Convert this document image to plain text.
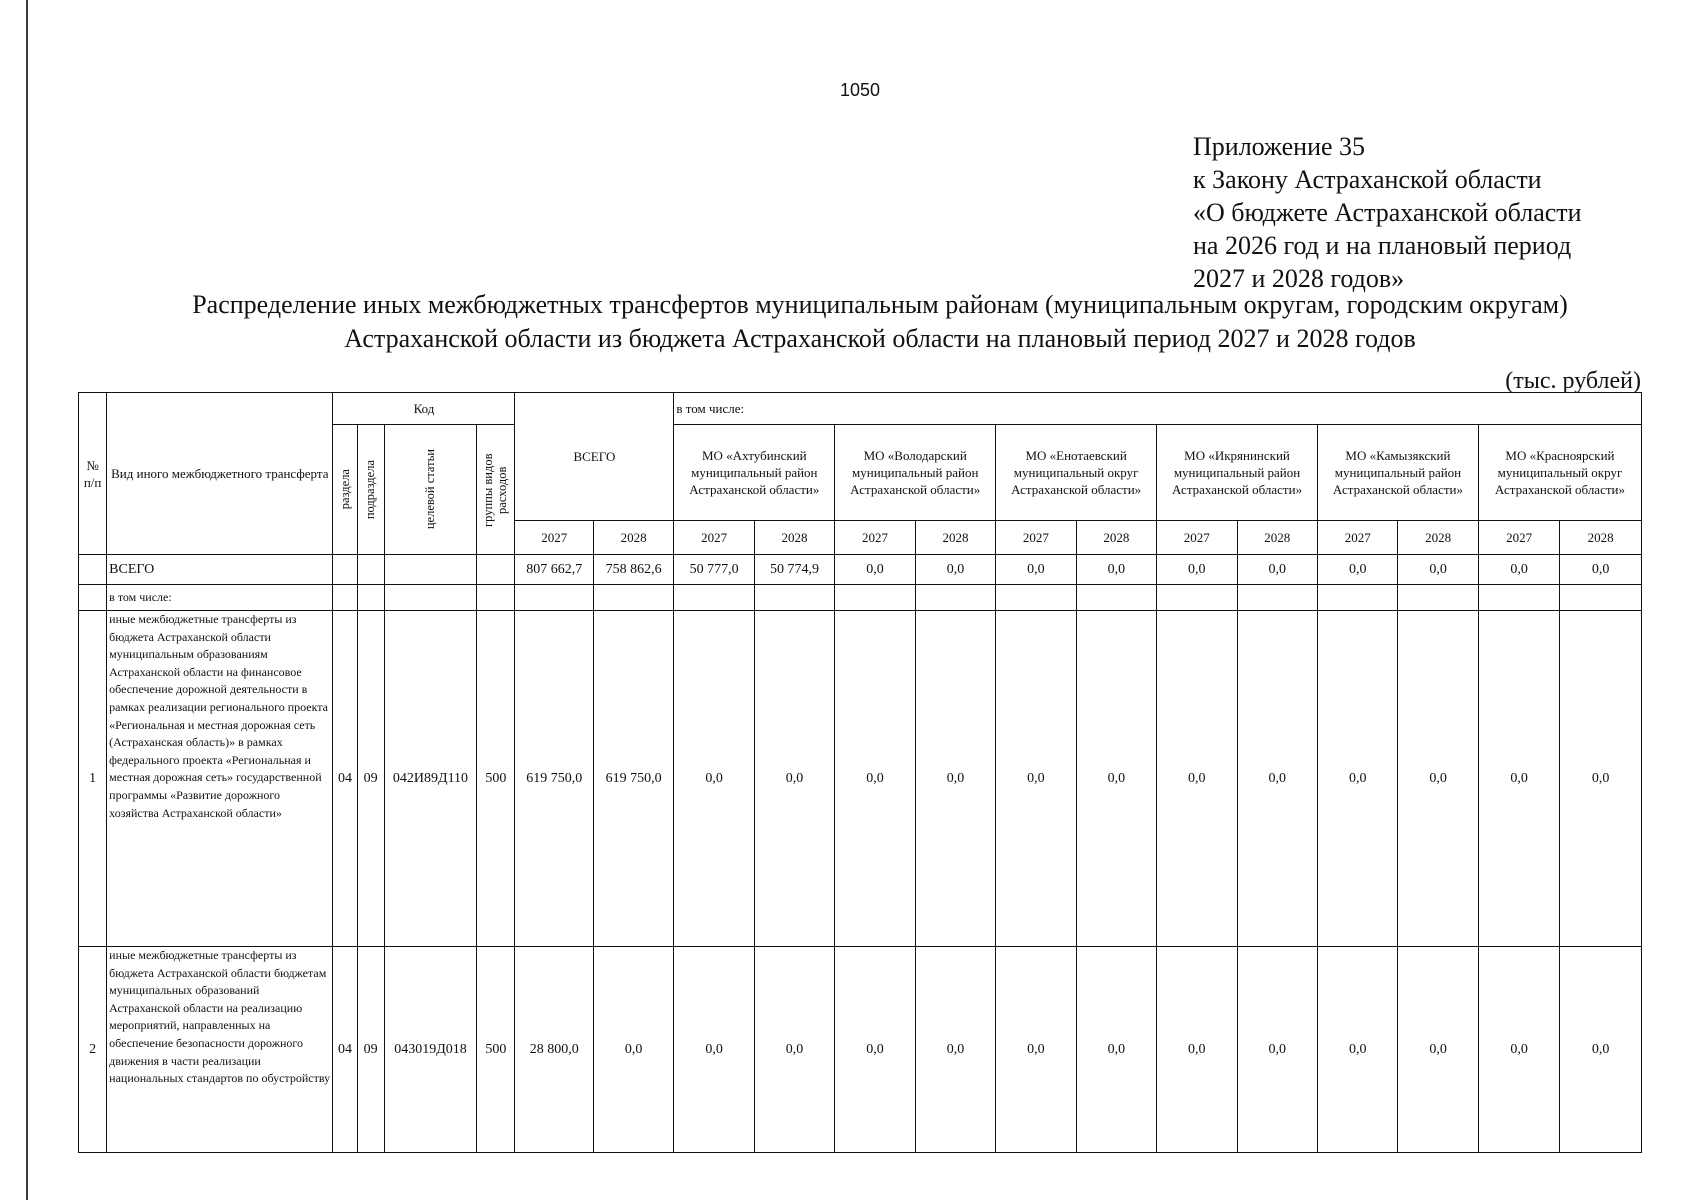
1050
Приложение 35
к Закону Астраханской области
«О бюджете Астраханской области
на 2026 год и на плановый период
2027 и 2028 годов»
Распределение иных межбюджетных трансфертов муниципальным районам (муниципальным округам, городским округам)
Астраханской области из бюджета Астраханской области на плановый период 2027 и 2028 годов
(тыс. рублей)
№ п/п	Вид иного межбюджетного трансферта	Код				ВСЕГО		в том числе:											

		раздела	подраздела	целевой статьи	группы видов расходов			МО «Ахтубинский муниципальный район Астраханской области»		МО «Володарский муниципальный район Астраханской области»		МО «Енотаевский муниципальный округ Астраханской области»		МО «Икрянинский муниципальный район Астраханской области»		МО «Камызякский муниципальный район Астраханской области»		МО «Красноярский муниципальный округ Астраханской области»	
						2027	2028	2027	2028	2027	2028	2027	2028	2027	2028	2027	2028	2027	2028
	ВСЕГО					807 662,7	758 862,6	50 777,0	50 774,9	0,0	0,0	0,0	0,0	0,0	0,0	0,0	0,0	0,0	0,0
	в том числе:																		
1	иные межбюджетные трансферты из бюджета Астраханской области муниципальным образованиям Астраханской области на финансовое обеспечение дорожной деятельности в рамках реализации регионального проекта «Региональная и местная дорожная сеть (Астраханская область)» в рамках федерального проекта «Региональная и местная дорожная сеть» государственной программы «Развитие дорожного хозяйства Астраханской области»	04	09	042И89Д110	500	619 750,0	619 750,0	0,0	0,0	0,0	0,0	0,0	0,0	0,0	0,0	0,0	0,0	0,0	0,0
2	иные межбюджетные трансферты из бюджета Астраханской области бюджетам муниципальных образований Астраханской области на реализацию мероприятий, направленных на обеспечение безопасности дорожного движения в части реализации национальных стандартов по обустройству	04	09	043019Д018	500	28 800,0	0,0	0,0	0,0	0,0	0,0	0,0	0,0	0,0	0,0	0,0	0,0	0,0	0,0
